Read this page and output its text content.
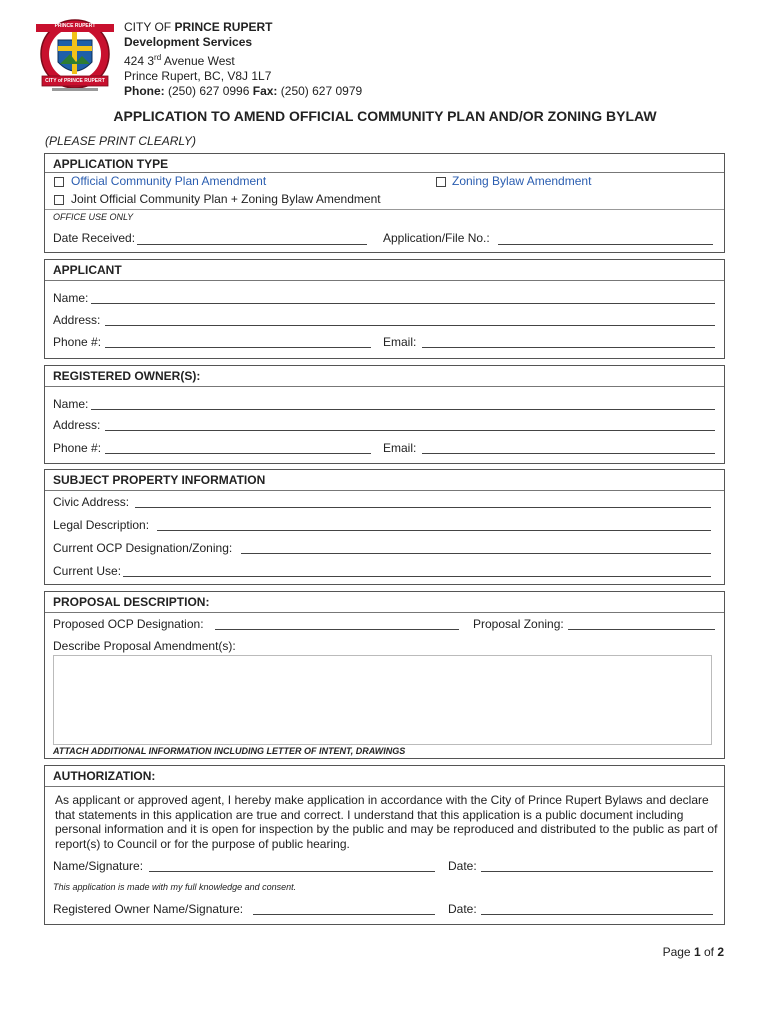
PRINCE RUPERT
CITY of PRINCE RUPERT
CITY OF PRINCE RUPERT
Development Services
424 3rd Avenue West
Prince Rupert, BC, V8J 1L7
Phone: (250) 627 0996 Fax: (250) 627 0979
APPLICATION TO AMEND OFFICIAL COMMUNITY PLAN AND/OR ZONING BYLAW
(PLEASE PRINT CLEARLY)
APPLICATION TYPE
Official Community Plan Amendment	Zoning Bylaw Amendment
Joint Official Community Plan + Zoning Bylaw Amendment
OFFICE USE ONLY
Date Received:	Application/File No.:
APPLICANT
Name:
Address:
Phone #:	Email:
REGISTERED OWNER(S):
Name:
Address:
Phone #:	Email:
SUBJECT PROPERTY INFORMATION
Civic Address:
Legal Description:
Current OCP Designation/Zoning:
Current Use:
PROPOSAL DESCRIPTION:
Proposed OCP Designation:	Proposal Zoning:
Describe Proposal Amendment(s):
ATTACH ADDITIONAL INFORMATION INCLUDING LETTER OF INTENT, DRAWINGS
AUTHORIZATION:
As applicant or approved agent, I hereby make application in accordance with the City of Prince Rupert Bylaws and declare that statements in this application are true and correct. I understand that this application is a public document including personal information and it is open for inspection by the public and may be reproduced and distributed to the public as part of report(s) to Council or for the purpose of public hearing.
Name/Signature:	Date:
This application is made with my full knowledge and consent.
Registered Owner Name/Signature:	Date:
Page 1 of 2
